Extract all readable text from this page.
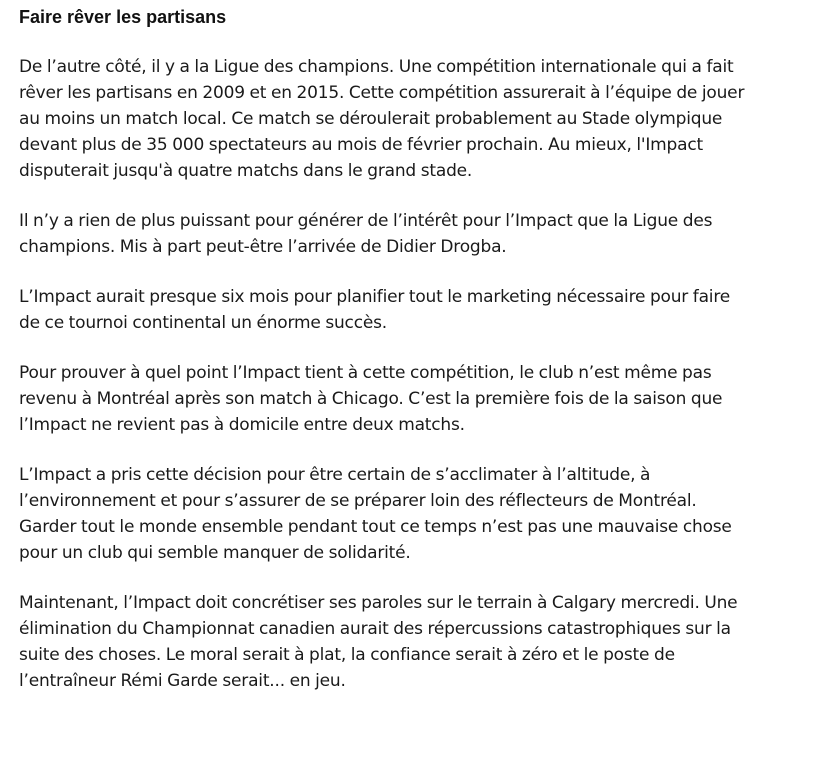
Faire rêver les partisans

De l’autre côté, il y a la Ligue des champions. Une compétition internationale qui a fait rêver les partisans en 2009 et en 2015. Cette compétition assurerait à l’équipe de jouer au moins un match local. Ce match se déroulerait probablement au Stade olympique devant plus de 35 000 spectateurs au mois de février prochain. Au mieux, l'Impact disputerait jusqu'à quatre matchs dans le grand stade.

Il n’y a rien de plus puissant pour générer de l’intérêt pour l’Impact que la Ligue des champions. Mis à part peut-être l’arrivée de Didier Drogba.

L’Impact aurait presque six mois pour planifier tout le marketing nécessaire pour faire de ce tournoi continental un énorme succès.

Pour prouver à quel point l’Impact tient à cette compétition, le club n’est même pas revenu à Montréal après son match à Chicago. C’est la première fois de la saison que l’Impact ne revient pas à domicile entre deux matchs.

L’Impact a pris cette décision pour être certain de s’acclimater à l’altitude, à l’environnement et pour s’assurer de se préparer loin des réflecteurs de Montréal. Garder tout le monde ensemble pendant tout ce temps n’est pas une mauvaise chose pour un club qui semble manquer de solidarité.

Maintenant, l’Impact doit concrétiser ses paroles sur le terrain à Calgary mercredi. Une élimination du Championnat canadien aurait des répercussions catastrophiques sur la suite des choses. Le moral serait à plat, la confiance serait à zéro et le poste de l’entraîneur Rémi Garde serait... en jeu.
